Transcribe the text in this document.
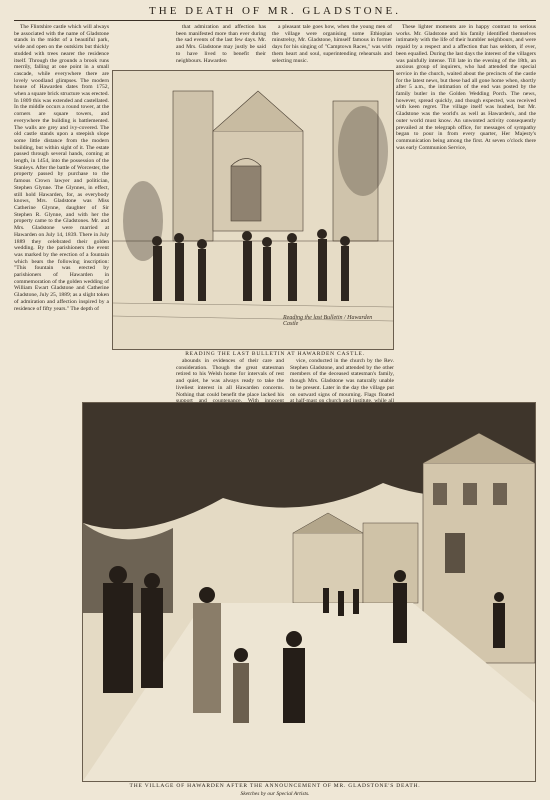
THE DEATH OF MR. GLADSTONE.

The Flintshire castle which will always be associated with the name of Gladstone stands in the midst of a beautiful park, wide and open on the outskirts but thickly studded with trees nearer the residence itself. Through the grounds a brook runs merrily, falling at one point in a small cascade, while everywhere there are lovely woodland glimpses. The modern house of Hawarden dates from 1752, when a square brick structure was erected. In 1809 this was extended and castellated. In the middle occurs a round tower, at the corners are square towers, and everywhere the building is battlemented. The walls are grey and ivy-covered. The old castle stands upon a steepish slope some little distance from the modern building, but within sight of it. The estate passed through several hands, coming at length, in 1454, into the possession of the Stanleys. After the battle of Worcester, the property passed by purchase to the famous Crown lawyer and politician, Stephen Glynne. The Glynnes, in effect, still hold Hawarden, for, as everybody knows, Mrs. Gladstone was Miss Catherine Glynne, daughter of Sir Stephen R. Glynne, and with her the property came to the Gladstones. Mr. and Mrs. Gladstone were married at Hawarden on July 14, 1839. There in July 1889 they celebrated their golden wedding. By the parishioners the event was marked by the erection of a fountain which bears the following inscription: "This fountain was erected by parishioners of Hawarden in commemoration of the golden wedding of William Ewart Gladstone and Catherine Gladstone, July 25, 1889; as a slight token of admiration and affection inspired by a residence of fifty years." The depth of

that admiration and affection has been manifested more than ever during the sad events of the last few days. Mr. and Mrs. Gladstone may justly be said to have lived to benefit their neighbours. Hawarden

a pleasant tale goes how, when the young men of the village were organising some Ethiopian minstrelsy, Mr. Gladstone, himself famous in former days for his singing of "Camptown Races," was with them heart and soul, superintending rehearsals and selecting music.

These lighter moments are in happy contrast to serious works. Mr. Gladstone and his family identified themselves intimately with the life of their humbler neighbours, and were repaid by a respect and a affection that has seldom, if ever, been equalled. During the last days the interest of the villagers was painfully intense. Till late in the evening of the 18th, an anxious group of inquirers, who had attended the special service in the church, waited about the precincts of the castle for the latest news, but these had all gone home when, shortly after 5 a.m., the intimation of the end was posted by the family butler in the Golden Wedding Porch. The news, however, spread quickly, and though expected, was received with keen regret. The village itself was hushed, but Mr. Gladstone was the world's as well as Hawarden's, and the outer world must know. An unwonted activity consequently prevailed at the telegraph office, for messages of sympathy began to pour in from every quarter, Her Majesty's communication being among the first. At seven o'clock there was early Communion Service,

Reading the last Bulletin / Hawarden Castle
READING THE LAST BULLETIN AT HAWARDEN CASTLE.

abounds in evidences of their care and consideration. Though the great statesman retired to his Welsh home for intervals of rest and quiet, he was always ready to take the liveliest interest in all Hawarden concerns. Nothing that could benefit the place lacked his

vice, conducted in the church by the Rev. Stephen Gladstone, and attended by the other members of the deceased statesman's family, though Mrs. Gladstone was naturally unable to be present. Later in the day the village put on outward signs of mourning. Flags floated

THE VILLAGE OF HAWARDEN AFTER THE ANNOUNCEMENT OF MR. GLADSTONE'S DEATH.
Sketches by our Special Artists.
